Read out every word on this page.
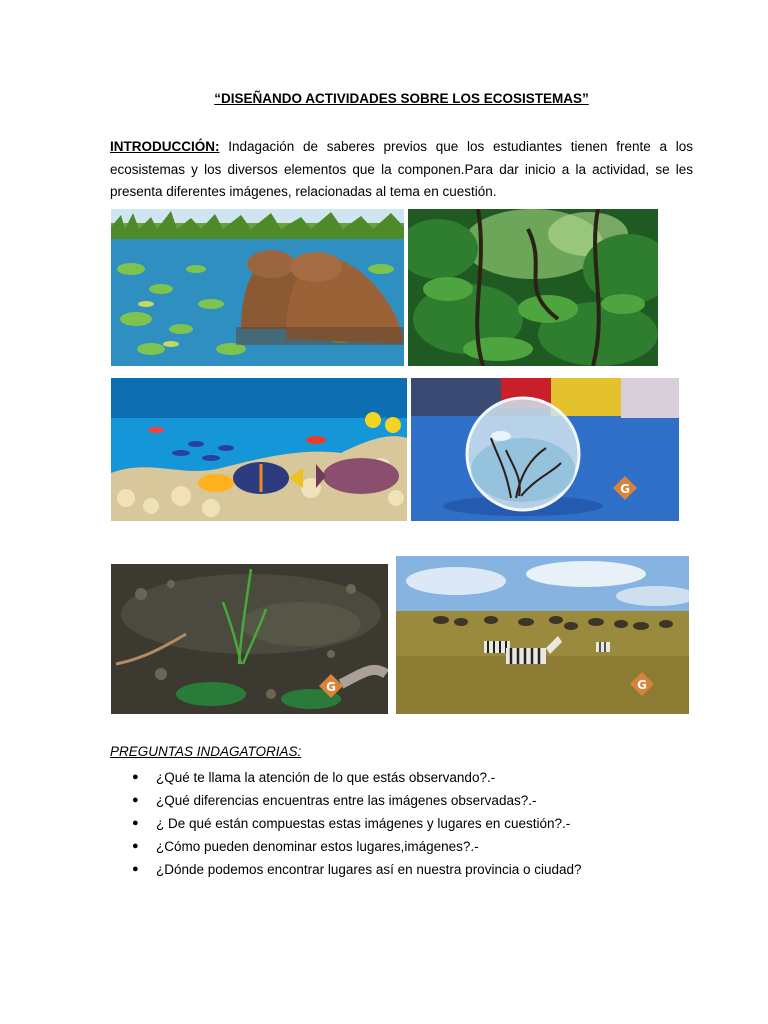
“DISEÑANDO ACTIVIDADES SOBRE LOS ECOSISTEMAS”

INTRODUCCIÓN: Indagación de saberes previos que los estudiantes tienen frente a los ecosistemas y los diversos elementos que la componen.Para dar inicio a la actividad, se les presenta diferentes imágenes, relacionadas al tema en cuestión.

G
G	G
PREGUNTAS INDAGATORIAS:
● ¿Qué te llama la atención de lo que estás observando?.-
● ¿Qué diferencias encuentras entre las imágenes observadas?.-
● ¿ De qué están compuestas estas imágenes y lugares en cuestión?.-
● ¿Cómo pueden denominar estos lugares,imágenes?.-
● ¿Dónde podemos encontrar lugares así en nuestra provincia o ciudad?
